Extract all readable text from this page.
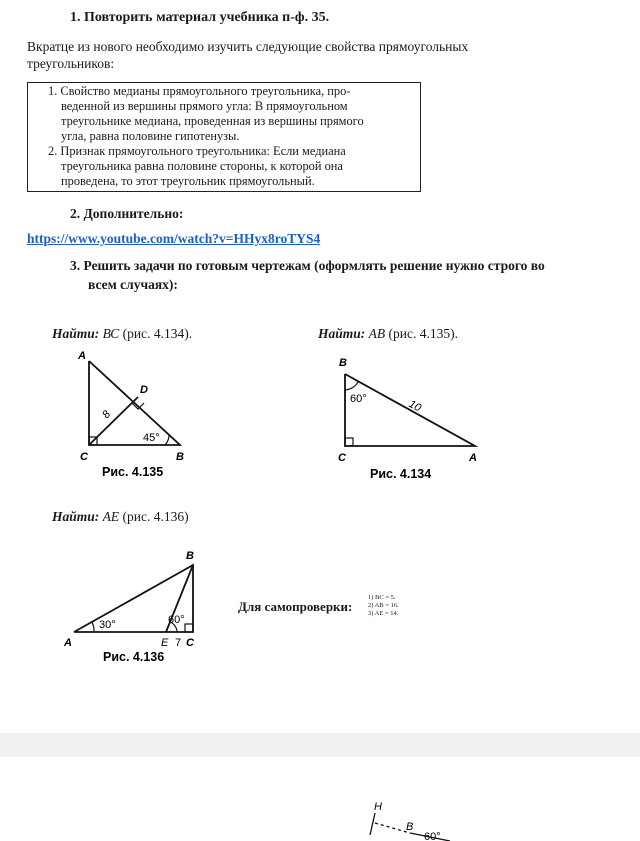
1. Повторить материал учебника п-ф. 35.
Вкратце из нового необходимо изучить следующие свойства прямоугольных
треугольников:
1. Свойство медианы прямоугольного треугольника, про-
веденной из вершины прямого угла: В прямоугольном
треугольнике медиана, проведенная из вершины прямого
угла, равна половине гипотенузы.
2. Признак прямоугольного треугольника: Если медиана
треугольника равна половине стороны, к которой она
проведена, то этот треугольник прямоугольный.
2. Дополнительно:
https://www.youtube.com/watch?v=HHyx8roTYS4
3. Решить задачи по готовым чертежам (оформлять решение нужно строго во
всем случаях):
Найти: ВС (рис. 4.134).	Найти: AB (рис. 4.135).
A
D
8
45°
C	B
Рис. 4.135
B
60°	10
C	A
Рис. 4.134
Найти: AE (рис. 4.136)
B
30°	60°
A	E 7 C
Рис. 4.136
Для самопроверки:
1) BC = 5.
2) AB = 16.
3) AE = 14.
H
B
60°
